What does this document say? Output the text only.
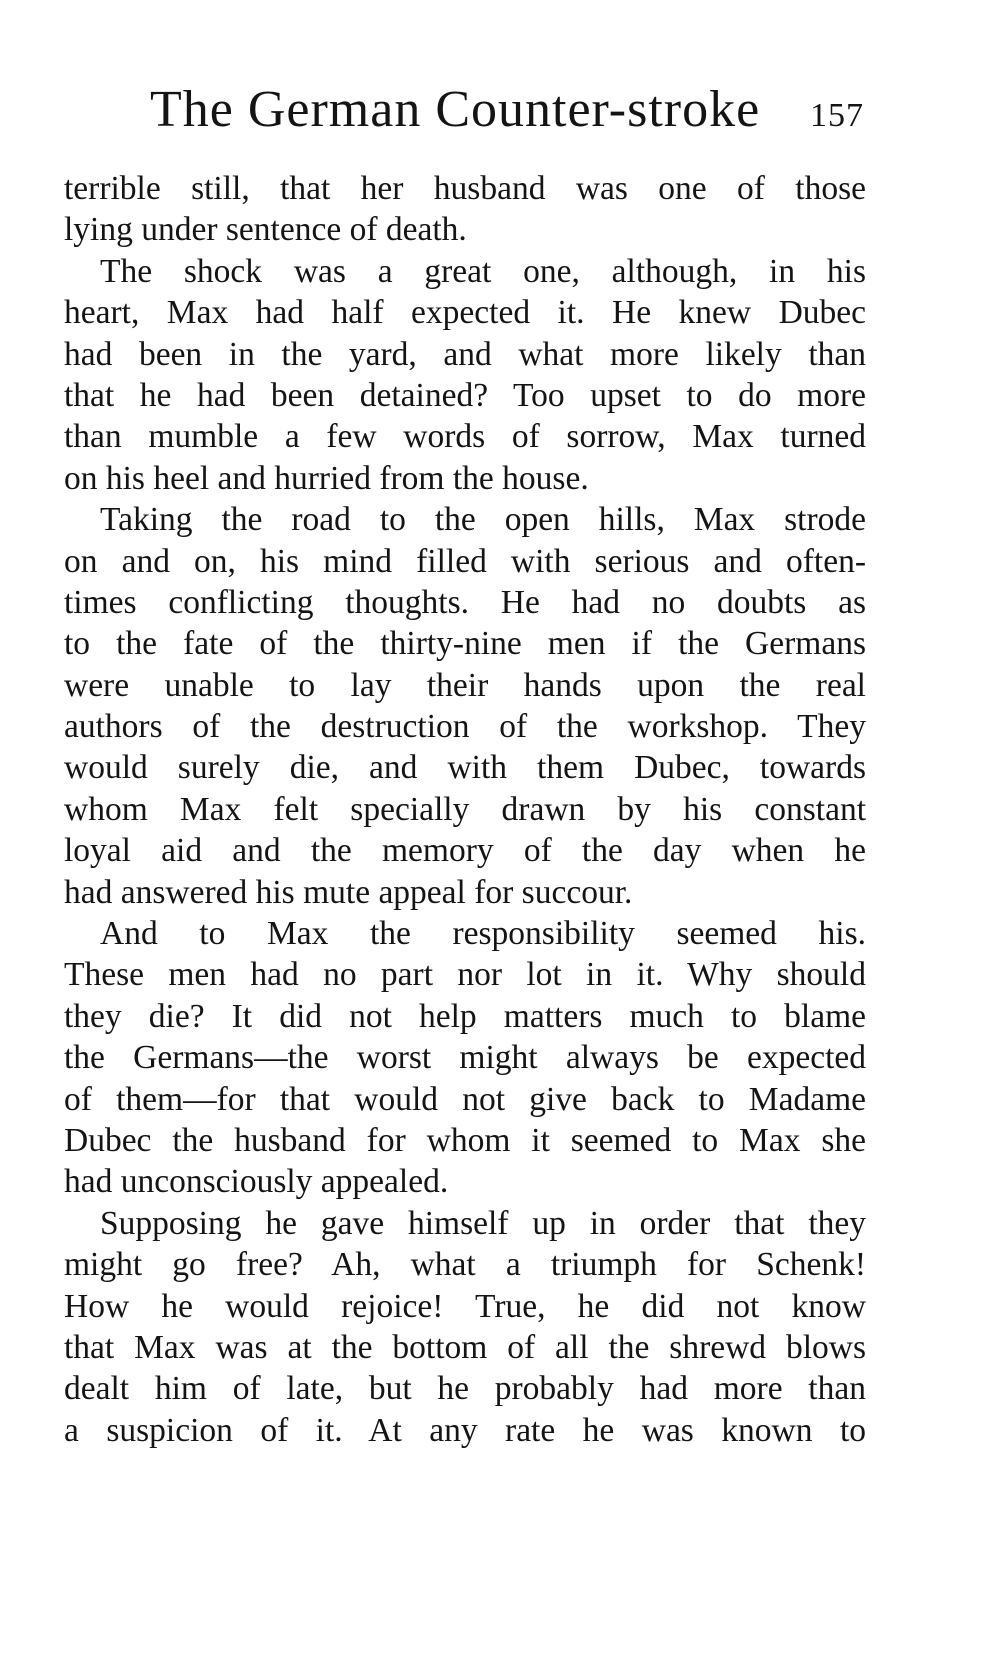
The German Counter-stroke 157

terrible still, that her husband was one of those
lying under sentence of death.

The shock was a great one, although, in his
heart, Max had half expected it. He knew Dubec
had been in the yard, and what more likely than
that he had been detained? Too upset to do more
than mumble a few words of sorrow, Max turned
on his heel and hurried from the house.

Taking the road to the open hills, Max strode
on and on, his mind filled with serious and often-
times conflicting thoughts. He had no doubts as
to the fate of the thirty-nine men if the Germans
were unable to lay their hands upon the real
authors of the destruction of the workshop. They
would surely die, and with them Dubec, towards
whom Max felt specially drawn by his constant
loyal aid and the memory of the day when he
had answered his mute appeal for succour.

And to Max the responsibility seemed his.
These men had no part nor lot in it. Why should
they die? It did not help matters much to blame
the Germans—the worst might always be expected
of them—for that would not give back to Madame
Dubec the husband for whom it seemed to Max she
had unconsciously appealed.

Supposing he gave himself up in order that they
might go free? Ah, what a triumph for Schenk!
How he would rejoice! True, he did not know
that Max was at the bottom of all the shrewd blows
dealt him of late, but he probably had more than
a suspicion of it. At any rate he was known to
